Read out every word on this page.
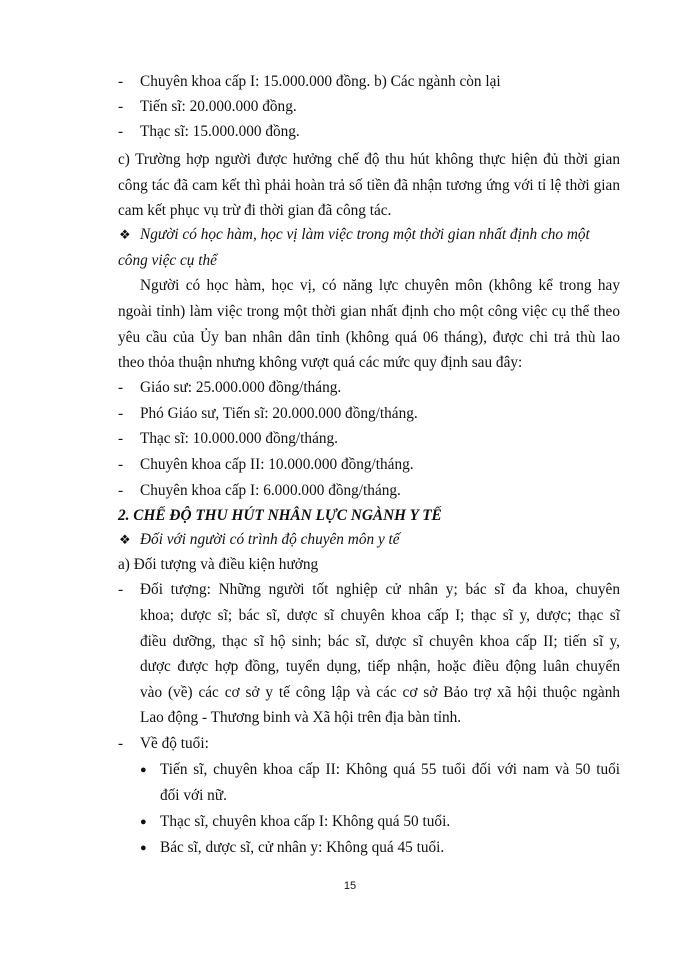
-
-
-
Chuyên khoa cấp I: 15.000.000 đồng. b) Các ngành còn lại
Tiến sĩ: 20.000.000 đồng.
Thạc sĩ: 15.000.000 đồng.
c) Trường hợp người được hưởng chế độ thu hút không thực hiện đủ thời gian
công tác đã cam kết thì phải hoàn trả số tiền đã nhận tương ứng với tỉ lệ thời gian
cam kết phục vụ trừ đi thời gian đã công tác.
❖ Người có học hàm, học vị làm việc trong một thời gian nhất định cho một
công việc cụ thể
Người có học hàm, học vị, có năng lực chuyên môn (không kể trong hay
ngoài tỉnh) làm việc trong một thời gian nhất định cho một công việc cụ thể theo
yêu cầu của Ủy ban nhân dân tỉnh (không quá 06 tháng), được chi trả thù lao
theo thỏa thuận nhưng không vượt quá các mức quy định sau đây:
-
-
-
-
-
Giáo sư: 25.000.000 đồng/tháng.
Phó Giáo sư, Tiến sĩ: 20.000.000 đồng/tháng.
Thạc sĩ: 10.000.000 đồng/tháng.
Chuyên khoa cấp II: 10.000.000 đồng/tháng.
Chuyên khoa cấp I: 6.000.000 đồng/tháng.
2. CHẾ ĐỘ THU HÚT NHÂN LỰC NGÀNH Y TẾ
❖ Đối với người có trình độ chuyên môn y tế
a) Đối tượng và điều kiện hưởng
- Đối tượng: Những người tốt nghiệp cử nhân y; bác sĩ đa khoa, chuyên
khoa; dược sĩ; bác sĩ, dược sĩ chuyên khoa cấp I; thạc sĩ y, dược; thạc sĩ
điều dưỡng, thạc sĩ hộ sinh; bác sĩ, dược sĩ chuyên khoa cấp II; tiến sĩ y,
dược được hợp đồng, tuyển dụng, tiếp nhận, hoặc điều động luân chuyển
vào (về) các cơ sở y tế công lập và các cơ sở Bảo trợ xã hội thuộc ngành
Lao động - Thương binh và Xã hội trên địa bàn tỉnh.
- Về độ tuổi:
● Tiến sĩ, chuyên khoa cấp II: Không quá 55 tuổi đối với nam và 50 tuổi
đối với nữ.
● Thạc sĩ, chuyên khoa cấp I: Không quá 50 tuổi.
● Bác sĩ, dược sĩ, cử nhân y: Không quá 45 tuổi.
15
